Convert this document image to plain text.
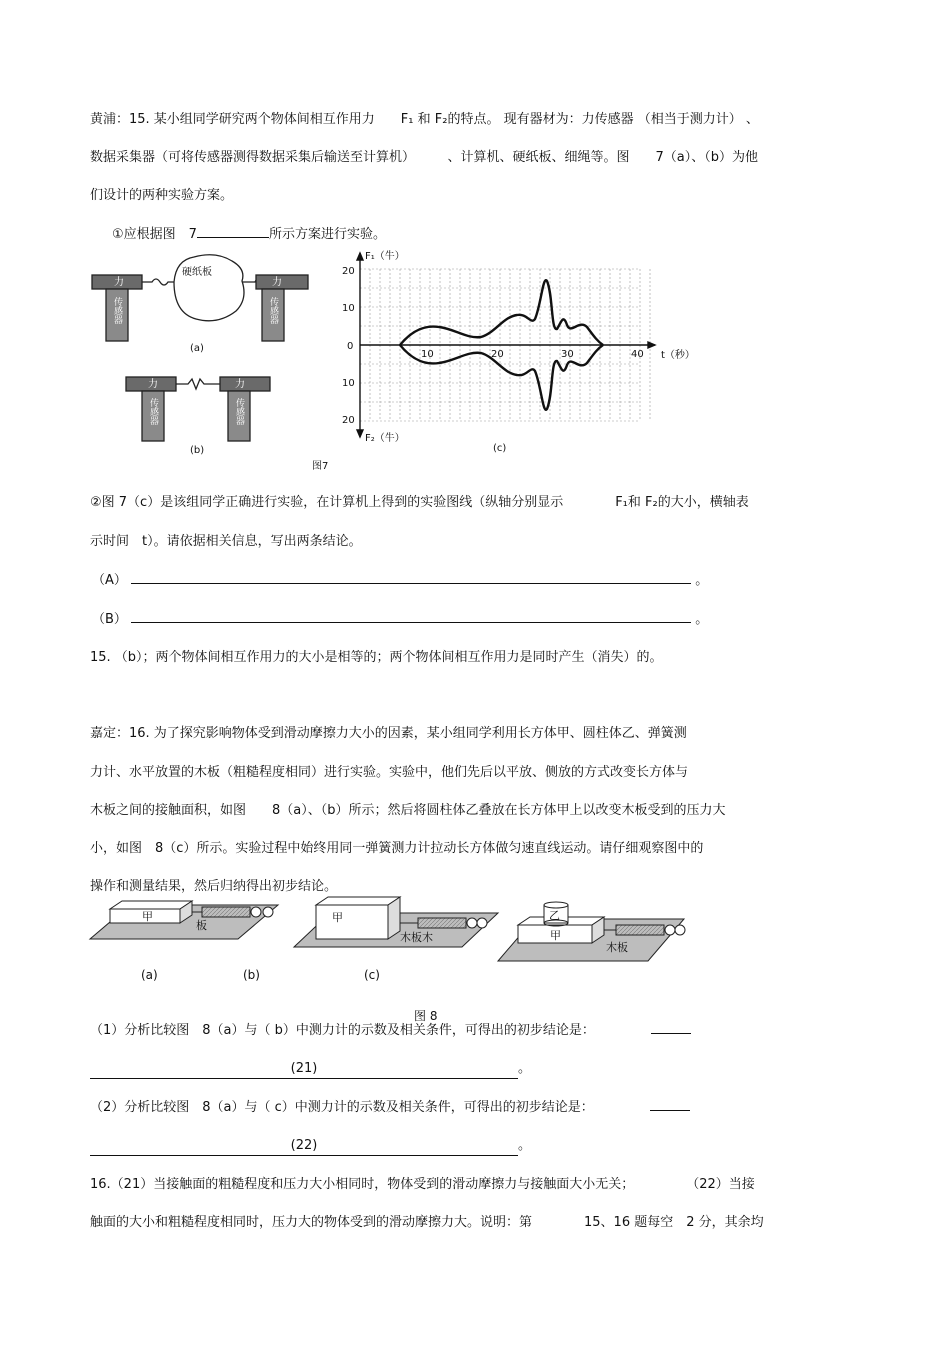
黄浦：15. 某小组同学研究两个物体间相互作用力　　F₁ 和 F₂的特点。 现有器材为：力传感器 （相当于测力计） 、
数据采集器（可将传感器测得数据采集后输送至计算机）　　　、计算机、硬纸板、细绳等。图　　7（a）、（b）为他
们设计的两种实验方案。
①应根据图　7	所示方案进行实验。
硬纸板
力	力
力	力
传感器	传感器
传感器	传感器
(a)
(b)
图7
F₁（牛）
F₂（牛）
t（秒）
20
10
0
10
20
10	20	30	40
(c)
②图 7（c）是该组同学正确进行实验，在计算机上得到的实验图线（纵轴分别显示　　　　F₁和 F₂的大小，横轴表
示时间　t）。请依据相关信息，写出两条结论。
（A）	。
（B）	。
15. （b）；两个物体间相互作用力的大小是相等的；两个物体间相互作用力是同时产生（消失）的。
嘉定：16. 为了探究影响物体受到滑动摩擦力大小的因素，某小组同学利用长方体甲、圆柱体乙、弹簧测
力计、水平放置的木板（粗糙程度相同）进行实验。实验中，他们先后以平放、侧放的方式改变长方体与
木板之间的接触面积，如图　　8（a）、（b）所示；然后将圆柱体乙叠放在长方体甲上以改变木板受到的压力大
小，如图　8（c）所示。实验过程中始终用同一弹簧测力计拉动长方体做匀速直线运动。请仔细观察图中的
操作和测量结果，然后归纳得出初步结论。
甲
板
甲
木板木
乙
甲
木板
(a)	(b)	(c)
图 8
（1）分析比较图　8（a）与（ b）中测力计的示数及相关条件，可得出的初步结论是：
(21)	。
（2）分析比较图　8（a）与（ c）中测力计的示数及相关条件，可得出的初步结论是：
(22)	。
16.（21）当接触面的粗糙程度和压力大小相同时，物体受到的滑动摩擦力与接触面大小无关；　　　　　（22）当接
触面的大小和粗糙程度相同时，压力大的物体受到的滑动摩擦力大。说明：第　　　　15、16 题每空　2 分，其余均
